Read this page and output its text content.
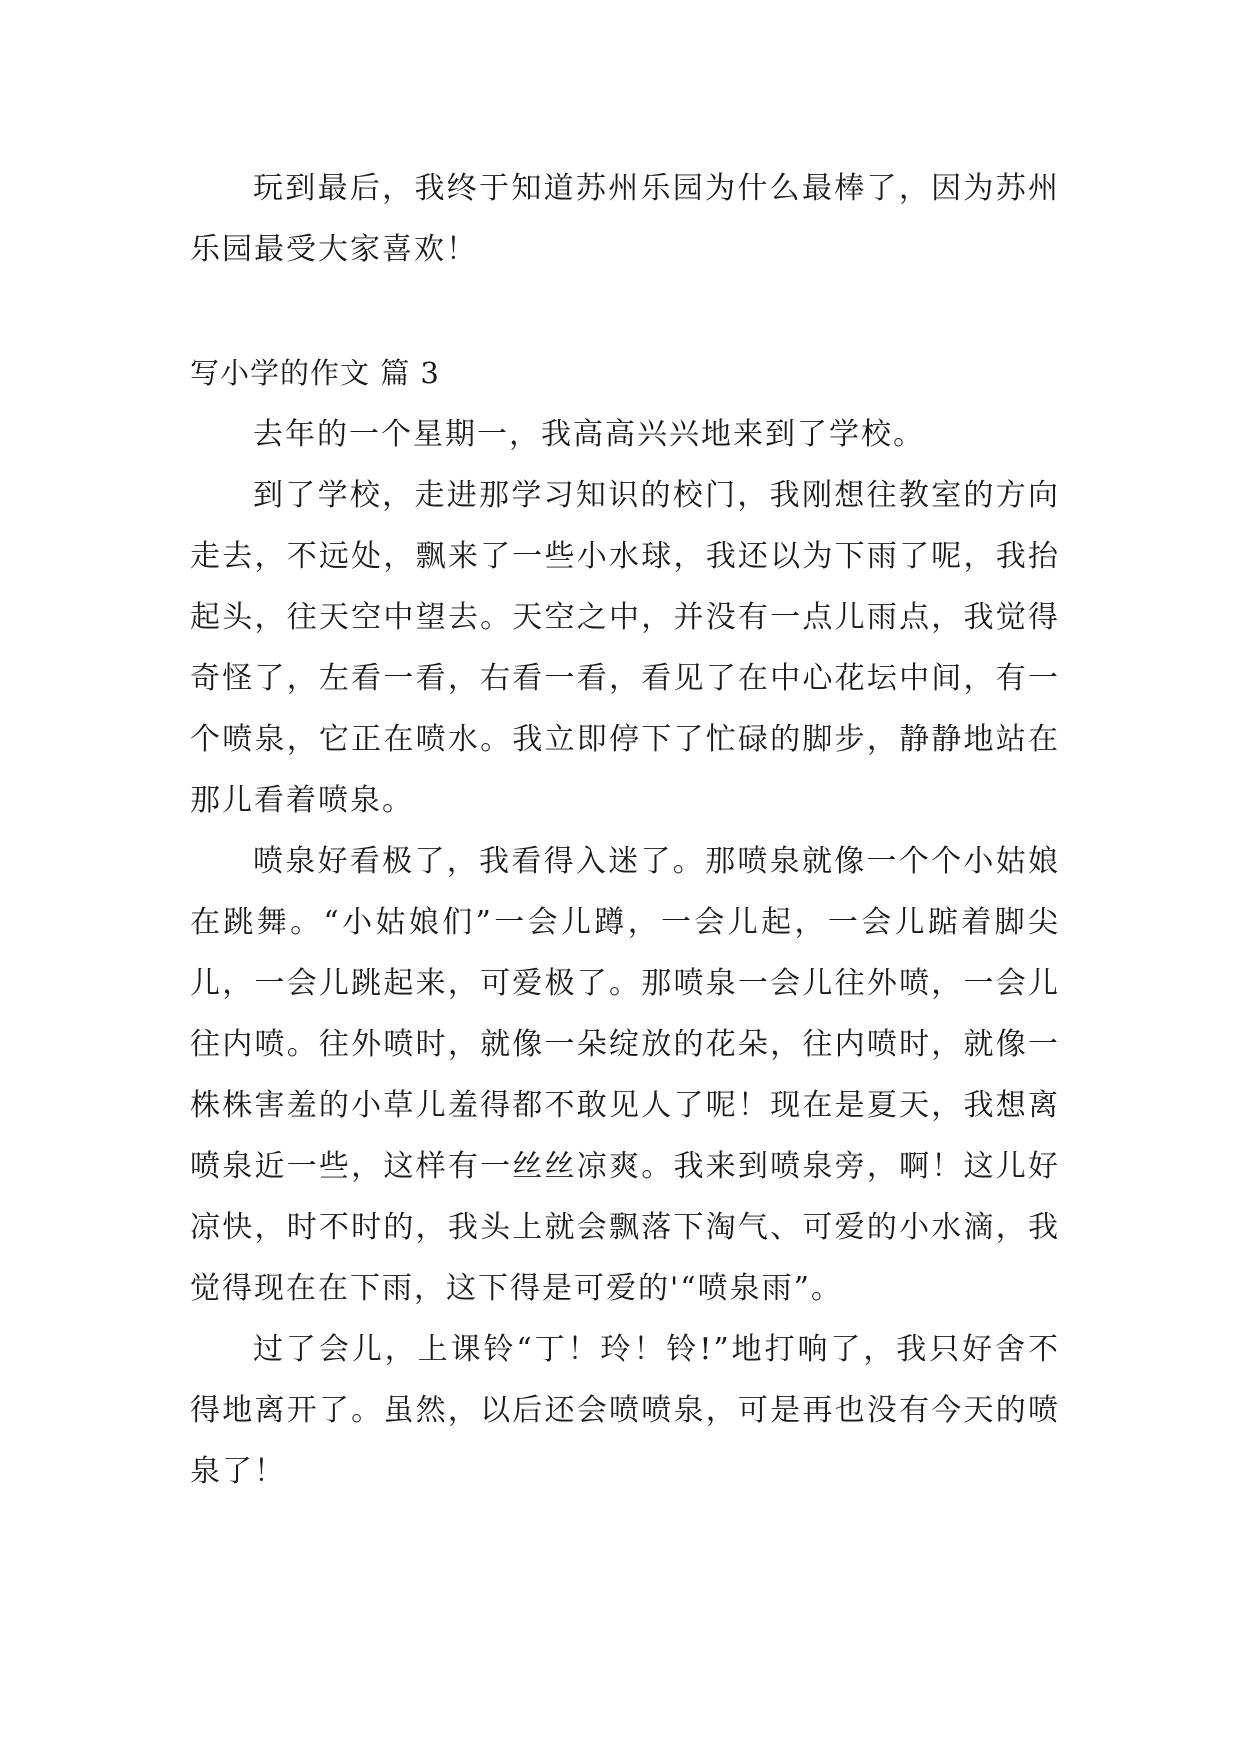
玩到最后，我终于知道苏州乐园为什么最棒了，因为苏州乐园最受大家喜欢！

写小学的作文 篇 3

去年的一个星期一，我高高兴兴地来到了学校。

到了学校，走进那学习知识的校门，我刚想往教室的方向走去，不远处，飘来了一些小水球，我还以为下雨了呢，我抬起头，往天空中望去。天空之中，并没有一点儿雨点，我觉得奇怪了，左看一看，右看一看，看见了在中心花坛中间，有一个喷泉，它正在喷水。我立即停下了忙碌的脚步，静静地站在那儿看着喷泉。

喷泉好看极了，我看得入迷了。那喷泉就像一个个小姑娘在跳舞。“小姑娘们”一会儿蹲，一会儿起，一会儿踮着脚尖儿，一会儿跳起来，可爱极了。那喷泉一会儿往外喷，一会儿往内喷。往外喷时，就像一朵绽放的花朵，往内喷时，就像一株株害羞的小草儿羞得都不敢见人了呢！现在是夏天，我想离喷泉近一些，这样有一丝丝凉爽。我来到喷泉旁，啊！这儿好凉快，时不时的，我头上就会飘落下淘气、可爱的小水滴，我觉得现在在下雨，这下得是可爱的'“喷泉雨”。

过了会儿，上课铃“丁！玲！铃!”地打响了，我只好舍不得地离开了。虽然，以后还会喷喷泉，可是再也没有今天的喷泉了！
